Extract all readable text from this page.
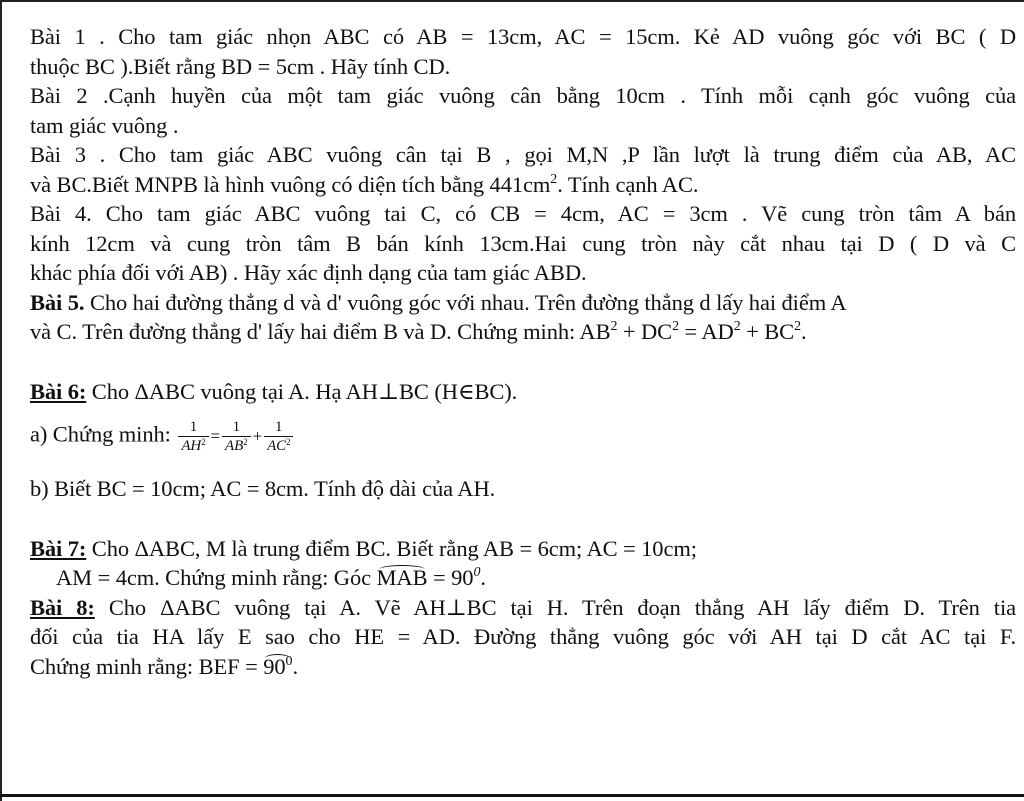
Bài 1 . Cho tam giác nhọn ABC có AB = 13cm, AC = 15cm. Kẻ AD vuông góc với BC ( D
thuộc BC ).Biết rằng BD = 5cm . Hãy tính CD.
Bài 2 .Cạnh huyền của một tam giác vuông cân bằng 10cm . Tính mỗi cạnh góc vuông của
tam giác vuông .
Bài 3 . Cho tam giác ABC vuông cân tại B , gọi M,N ,P lần lượt là trung điểm của AB, AC
và BC.Biết MNPB là hình vuông có diện tích bằng $441cm^2$. Tính cạnh AC.
Bài 4. Cho tam giác ABC vuông tai C, có CB = 4cm, AC = 3cm . Vẽ cung tròn tâm A bán
kính 12cm và cung tròn tâm B bán kính 13cm.Hai cung tròn này cắt nhau tại D ( D và C
khác phía đối với AB) . Hãy xác định dạng của tam giác ABD.
Bài 5. Cho hai đường thẳng d và d' vuông góc với nhau. Trên đường thẳng d lấy hai điểm A
và C. Trên đường thẳng d' lấy hai điểm B và D. Chứng minh: $AB^2 + DC^2 = AD^2 + BC^2$.
Bài 6: Cho ΔABC vuông tại A. Hạ AH⊥BC (H∈BC).
a) Chứng minh: $\frac{1}{AH^2} = \frac{1}{AB^2} + \frac{1}{AC^2}$
b) Biết BC = 10cm; AC = 8cm. Tính độ dài của AH.
Bài 7: Cho ΔABC, M là trung điểm BC. Biết rằng AB = 6cm; AC = 10cm;
AM = 4cm. Chứng minh rằng: Góc MAB = $90^0$.
Bài 8: Cho ΔABC vuông tại A. Vẽ AH⊥BC tại H. Trên đoạn thẳng AH lấy điểm D. Trên tia
đối của tia HA lấy E sao cho HE = AD. Đường thẳng vuông góc với AH tại D cắt AC tại F.
Chứng minh rằng: BEF = $90^0$.
